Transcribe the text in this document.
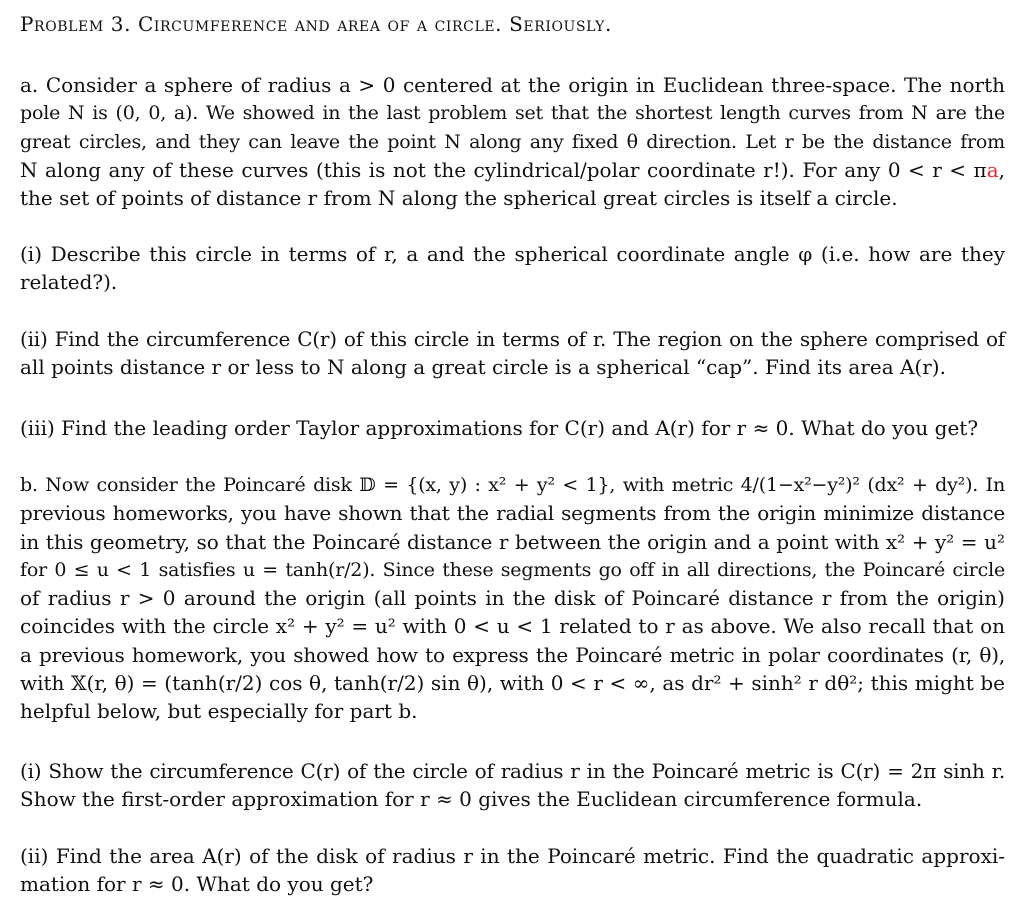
Problem 3. Circumference and area of a circle. Seriously.
a. Consider a sphere of radius a > 0 centered at the origin in Euclidean three-space. The north
pole N is (0, 0, a). We showed in the last problem set that the shortest length curves from N are the
great circles, and they can leave the point N along any fixed θ direction. Let r be the distance from
N along any of these curves (this is not the cylindrical/polar coordinate r!). For any 0 < r < πa,
the set of points of distance r from N along the spherical great circles is itself a circle.
(i) Describe this circle in terms of r, a and the spherical coordinate angle φ (i.e. how are they
related?).
(ii) Find the circumference C(r) of this circle in terms of r. The region on the sphere comprised of
all points distance r or less to N along a great circle is a spherical “cap”. Find its area A(r).
(iii) Find the leading order Taylor approximations for C(r) and A(r) for r ≈ 0. What do you get?
b. Now consider the Poincaré disk 𝔻 = {(x, y) : x² + y² < 1}, with metric 4/(1−x²−y²)² (dx² + dy²). In
previous homeworks, you have shown that the radial segments from the origin minimize distance
in this geometry, so that the Poincaré distance r between the origin and a point with x² + y² = u²
for 0 ≤ u < 1 satisfies u = tanh(r/2). Since these segments go off in all directions, the Poincaré circle
of radius r > 0 around the origin (all points in the disk of Poincaré distance r from the origin)
coincides with the circle x² + y² = u² with 0 < u < 1 related to r as above. We also recall that on
a previous homework, you showed how to express the Poincaré metric in polar coordinates (r, θ),
with 𝕏(r, θ) = (tanh(r/2) cos θ, tanh(r/2) sin θ), with 0 < r < ∞, as dr² + sinh² r dθ²; this might be
helpful below, but especially for part b.
(i) Show the circumference C(r) of the circle of radius r in the Poincaré metric is C(r) = 2π sinh r.
Show the first-order approximation for r ≈ 0 gives the Euclidean circumference formula.
(ii) Find the area A(r) of the disk of radius r in the Poincaré metric. Find the quadratic approxi-
mation for r ≈ 0. What do you get?
